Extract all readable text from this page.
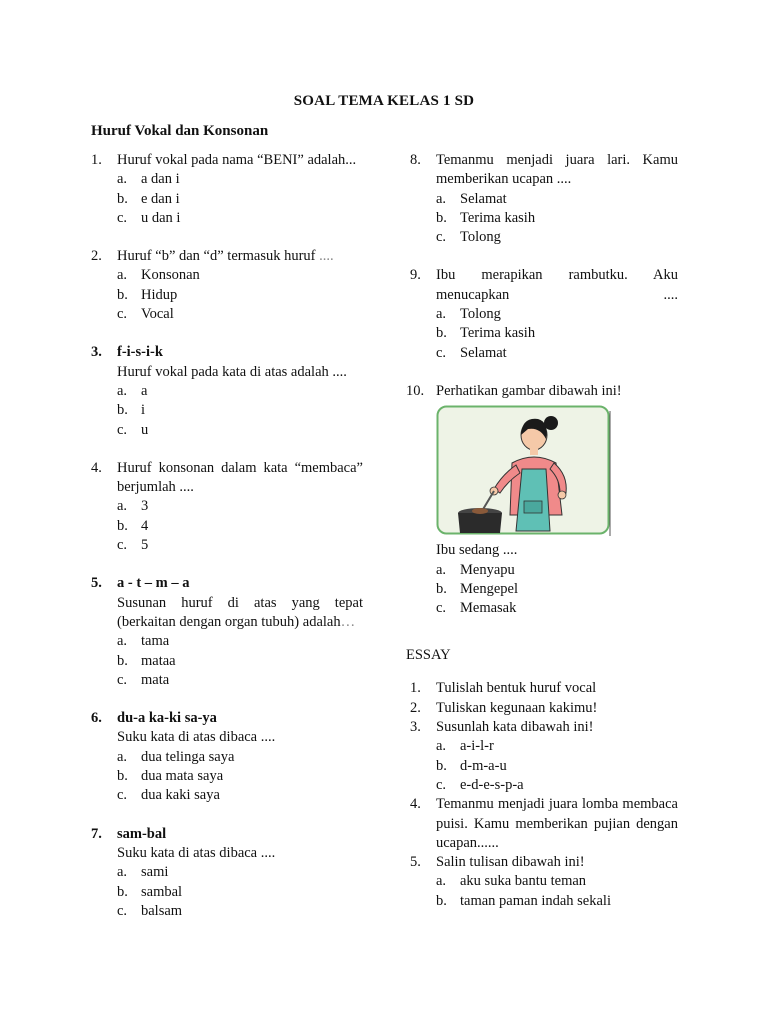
SOAL TEMA KELAS 1 SD
Huruf Vokal dan Konsonan
1.	Huruf vokal pada nama “BENI” adalah...
a. a dan i
b. e dan i
c. u dan i
2.	Huruf “b” dan “d” termasuk huruf ....
a. Konsonan
b. Hidup
c. Vocal
3.	f-i-s-i-k
Huruf vokal pada kata di atas adalah ....
a. a
b. i
c. u
4.	Huruf konsonan dalam kata “membaca” berjumlah ....
a. 3
b. 4
c. 5
5.	a - t – m – a
Susunan huruf di atas yang tepat (berkaitan dengan organ tubuh) adalah…
a. tama
b. mataa
c. mata
6.	du-a ka-ki sa-ya
Suku kata di atas dibaca ....
a. dua telinga saya
b. dua mata saya
c. dua kaki saya
7.	sam-bal
Suku kata di atas dibaca ....
a. sami
b. sambal
c. balsam
8.	Temanmu menjadi juara lari. Kamu memberikan ucapan ....
a. Selamat
b. Terima kasih
c. Tolong
9.	Ibu merapikan rambutku. Aku menucapkan ....
a. Tolong
b. Terima kasih
c. Selamat
10. Perhatikan gambar dibawah ini!
Ibu sedang ....
a. Menyapu
b. Mengepel
c. Memasak
ESSAY
1.	Tulislah bentuk huruf vocal
2.	Tuliskan kegunaan kakimu!
3.	Susunlah kata dibawah ini!
a. a-i-l-r
b. d-m-a-u
c. e-d-e-s-p-a
4.	Temanmu menjadi juara lomba membaca puisi. Kamu memberikan pujian dengan ucapan......
5.	Salin tulisan dibawah ini!
a. aku suka bantu teman
b. taman paman indah sekali
